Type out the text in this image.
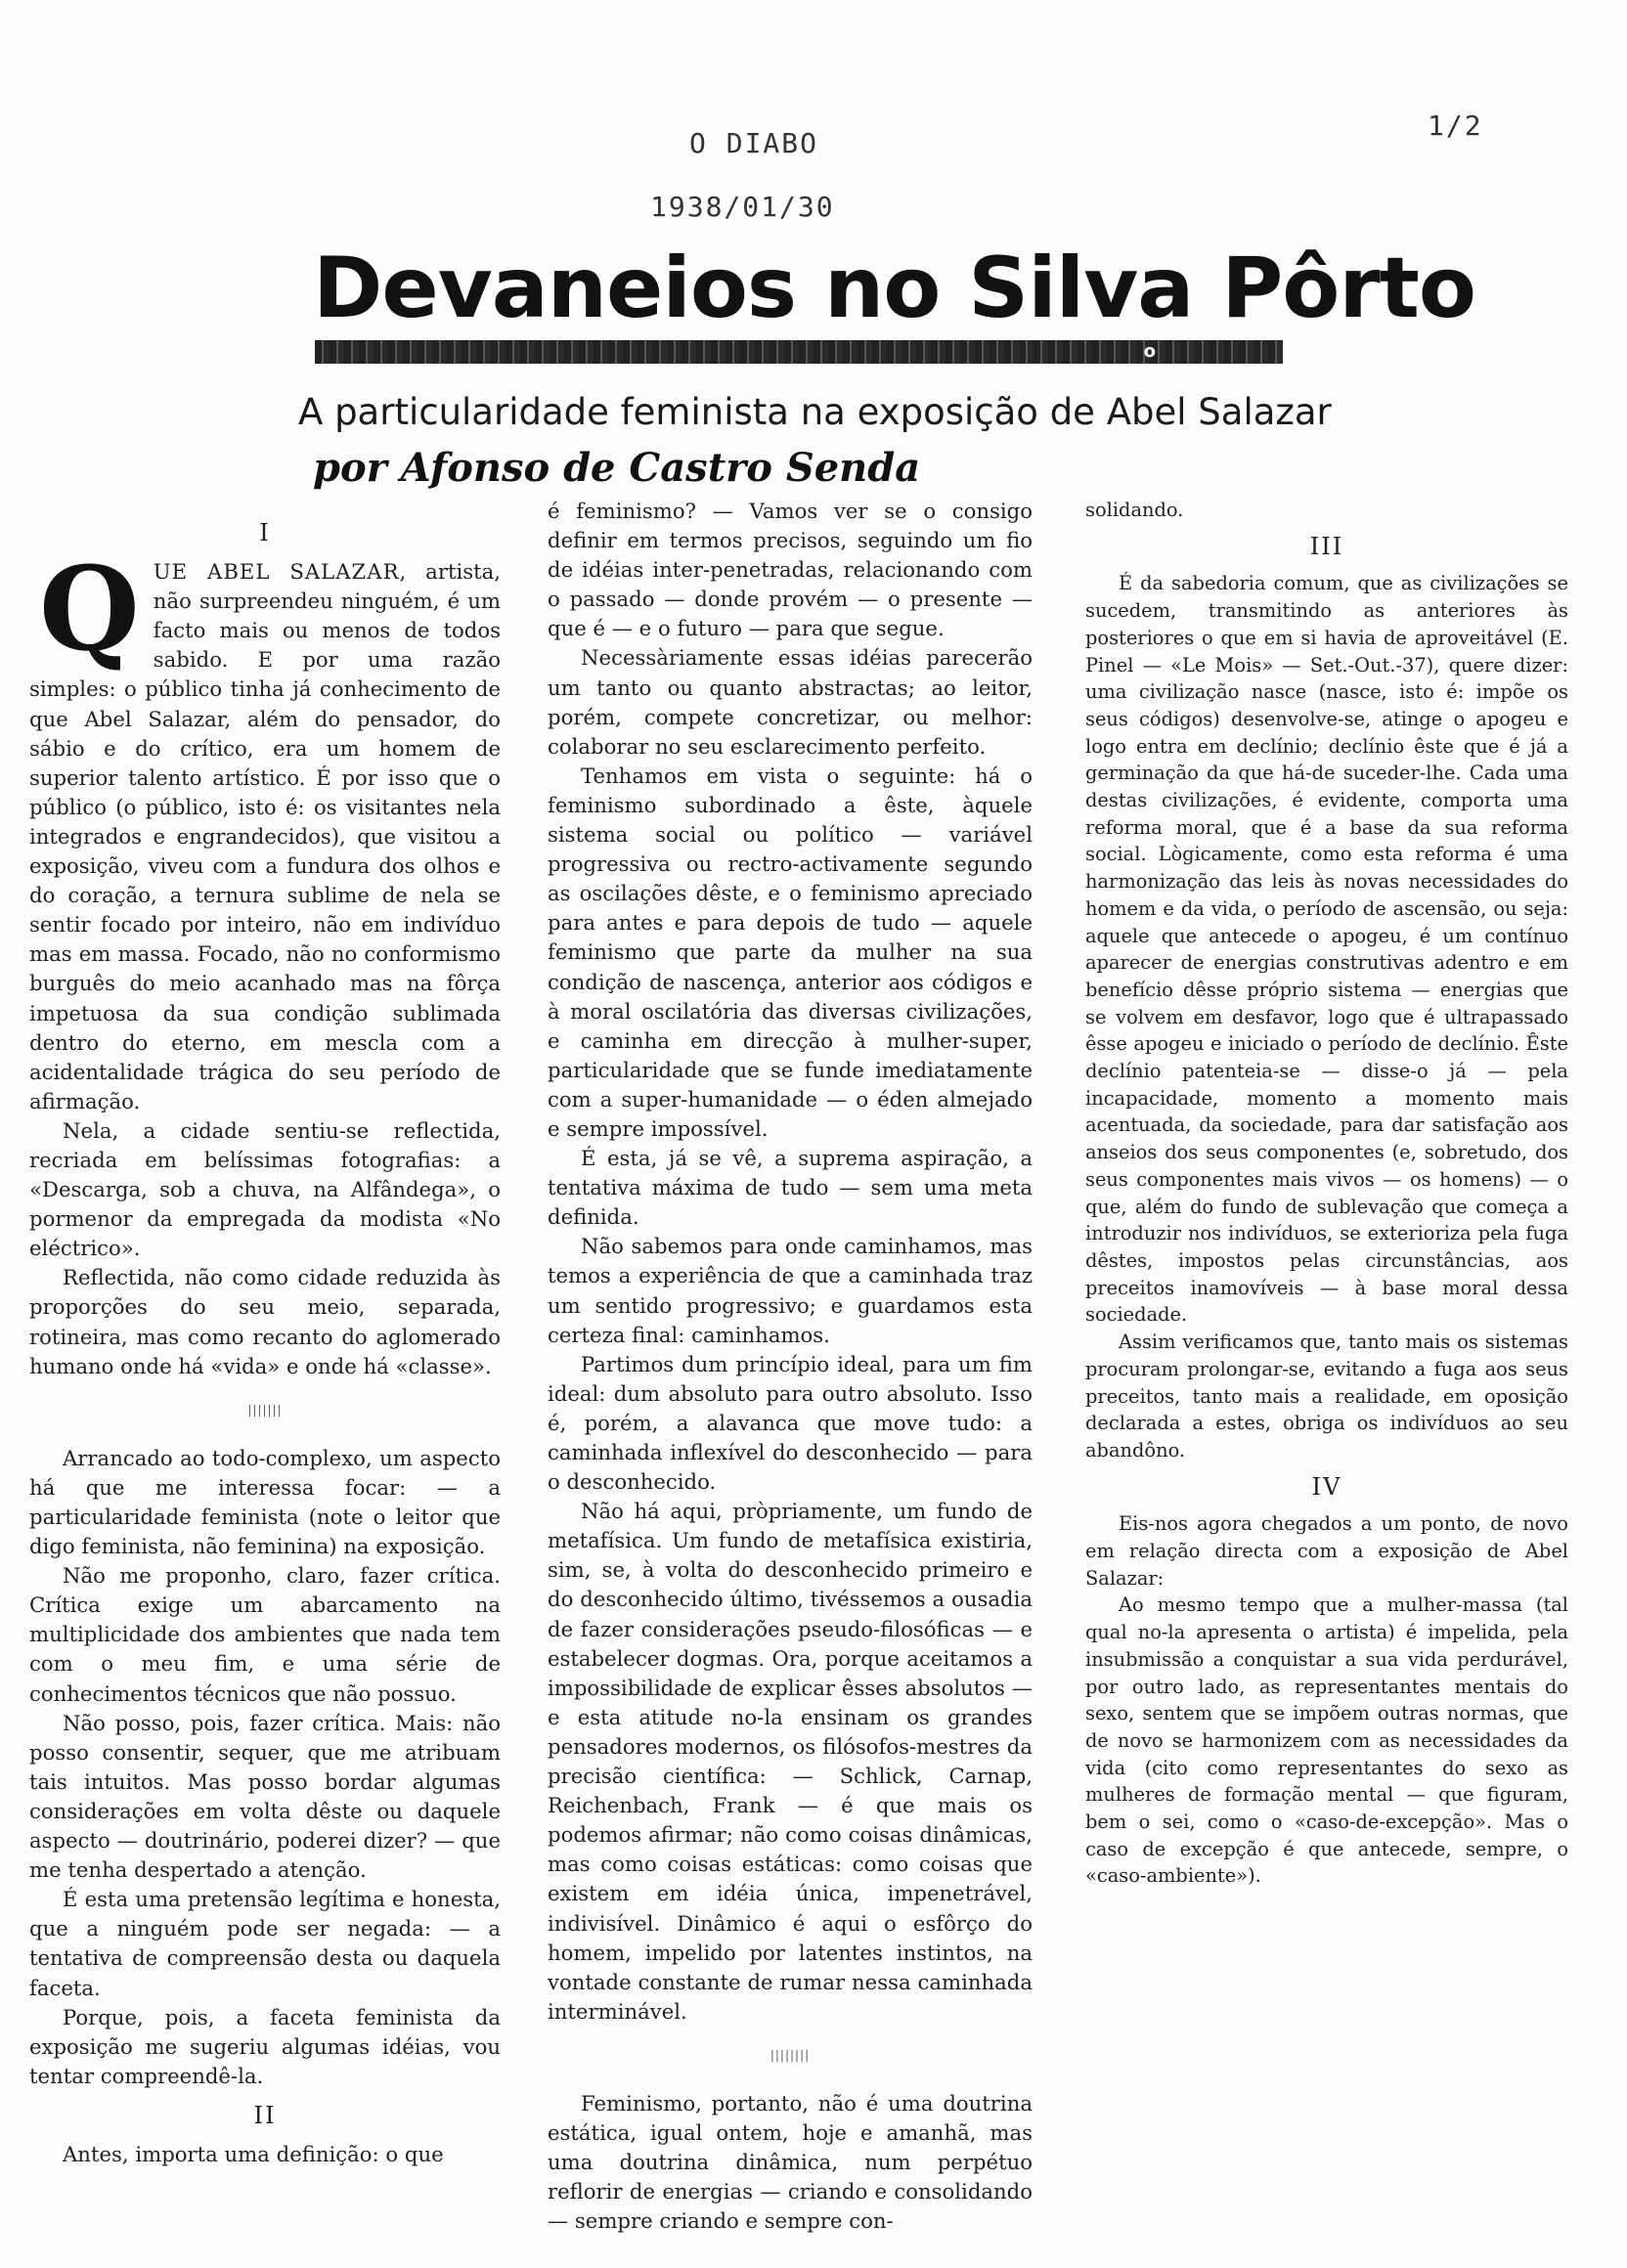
O DIABO
1938/01/30
1/2
Devaneios no Silva Pôrto
o
A particularidade feminista na exposição de Abel Salazar
por Afonso de Castro Senda

I

QUE ABEL SALAZAR, artista, não surpreendeu ninguém, é um facto mais ou menos de todos sabido. E por uma razão simples: o público tinha já conhecimento de que Abel Salazar, além do pensador, do sábio e do crítico, era um homem de superior talento artístico. É por isso que o público (o público, isto é: os visitantes nela integrados e engrandecidos), que visitou a exposição, viveu com a fundura dos olhos e do coração, a ternura sublime de nela se sentir focado por inteiro, não em indivíduo mas em massa. Focado, não no conformismo burguês do meio acanhado mas na fôrça impetuosa da sua condição sublimada dentro do eterno, em mescla com a acidentalidade trágica do seu período de afirmação.

Nela, a cidade sentiu-se reflectida, recriada em belíssimas fotografias: a «Descarga, sob a chuva, na Alfândega», o pormenor da empregada da modista «No eléctrico».

Reflectida, não como cidade reduzida às proporções do seu meio, separada, rotineira, mas como recanto do aglomerado humano onde há «vida» e onde há «classe».

|||||||

Arrancado ao todo-complexo, um aspecto há que me interessa focar: — a particularidade feminista (note o leitor que digo feminista, não feminina) na exposição.

Não me proponho, claro, fazer crítica. Crítica exige um abarcamento na multiplicidade dos ambientes que nada tem com o meu fim, e uma série de conhecimentos técnicos que não possuo.

Não posso, pois, fazer crítica. Mais: não posso consentir, sequer, que me atribuam tais intuitos. Mas posso bordar algumas considerações em volta dêste ou daquele aspecto — doutrinário, poderei dizer? — que me tenha despertado a atenção.

É esta uma pretensão legítima e honesta, que a ninguém pode ser negada: — a tentativa de compreensão desta ou daquela faceta.

Porque, pois, a faceta feminista da exposição me sugeriu algumas idéias, vou tentar compreendê-la.

II

Antes, importa uma definição: o que

é feminismo? — Vamos ver se o consigo definir em termos precisos, seguindo um fio de idéias inter-penetradas, relacionando com o passado — donde provém — o presente — que é — e o futuro — para que segue.

Necessàriamente essas idéias parecerão um tanto ou quanto abstractas; ao leitor, porém, compete concretizar, ou melhor: colaborar no seu esclarecimento perfeito.

Tenhamos em vista o seguinte: há o feminismo subordinado a êste, àquele sistema social ou político — variável progressiva ou rectro-activamente segundo as oscilações dêste, e o feminismo apreciado para antes e para depois de tudo — aquele feminismo que parte da mulher na sua condição de nascença, anterior aos códigos e à moral oscilatória das diversas civilizações, e caminha em direcção à mulher-super, particularidade que se funde imediatamente com a super-humanidade — o éden almejado e sempre impossível.

É esta, já se vê, a suprema aspiração, a tentativa máxima de tudo — sem uma meta definida.

Não sabemos para onde caminhamos, mas temos a experiência de que a caminhada traz um sentido progressivo; e guardamos esta certeza final: caminhamos.

Partimos dum princípio ideal, para um fim ideal: dum absoluto para outro absoluto. Isso é, porém, a alavanca que move tudo: a caminhada inflexível do desconhecido — para o desconhecido.

Não há aqui, pròpriamente, um fundo de metafísica. Um fundo de metafísica existiria, sim, se, à volta do desconhecido primeiro e do desconhecido último, tivéssemos a ousadia de fazer considerações pseudo-filosóficas — e estabelecer dogmas. Ora, porque aceitamos a impossibilidade de explicar êsses absolutos — e esta atitude no-la ensinam os grandes pensadores modernos, os filósofos-mestres da precisão científica: — Schlick, Carnap, Reichenbach, Frank — é que mais os podemos afirmar; não como coisas dinâmicas, mas como coisas estáticas: como coisas que existem em idéia única, impenetrável, indivisível. Dinâmico é aqui o esfôrço do homem, impelido por latentes instintos, na vontade constante de rumar nessa caminhada interminável.

||||||||

Feminismo, portanto, não é uma doutrina estática, igual ontem, hoje e amanhã, mas uma doutrina dinâmica, num perpétuo reflorir de energias — criando e consolidando — sempre criando e sempre con-

solidando.

III

É da sabedoria comum, que as civilizações se sucedem, transmitindo as anteriores às posteriores o que em si havia de aproveitável (E. Pinel — «Le Mois» — Set.-Out.-37), quere dizer: uma civilização nasce (nasce, isto é: impõe os seus códigos) desenvolve-se, atinge o apogeu e logo entra em declínio; declínio êste que é já a germinação da que há-de suceder-lhe. Cada uma destas civilizações, é evidente, comporta uma reforma moral, que é a base da sua reforma social. Lògicamente, como esta reforma é uma harmonização das leis às novas necessidades do homem e da vida, o período de ascensão, ou seja: aquele que antecede o apogeu, é um contínuo aparecer de energias construtivas adentro e em benefício dêsse próprio sistema — energias que se volvem em desfavor, logo que é ultrapassado êsse apogeu e iniciado o período de declínio. Êste declínio patenteia-se — disse-o já — pela incapacidade, momento a momento mais acentuada, da sociedade, para dar satisfação aos anseios dos seus componentes (e, sobretudo, dos seus componentes mais vivos — os homens) — o que, além do fundo de sublevação que começa a introduzir nos indivíduos, se exterioriza pela fuga dêstes, impostos pelas circunstâncias, aos preceitos inamovíveis — à base moral dessa sociedade.

Assim verificamos que, tanto mais os sistemas procuram prolongar-se, evitando a fuga aos seus preceitos, tanto mais a realidade, em oposição declarada a estes, obriga os indivíduos ao seu abandôno.

IV

Eis-nos agora chegados a um ponto, de novo em relação directa com a exposição de Abel Salazar:

Ao mesmo tempo que a mulher-massa (tal qual no-la apresenta o artista) é impelida, pela insubmissão a conquistar a sua vida perdurável, por outro lado, as representantes mentais do sexo, sentem que se impõem outras normas, que de novo se harmonizem com as necessidades da vida (cito como representantes do sexo as mulheres de formação mental — que figuram, bem o sei, como o «caso-de-excepção». Mas o caso de excepção é que antecede, sempre, o «caso-ambiente»).
